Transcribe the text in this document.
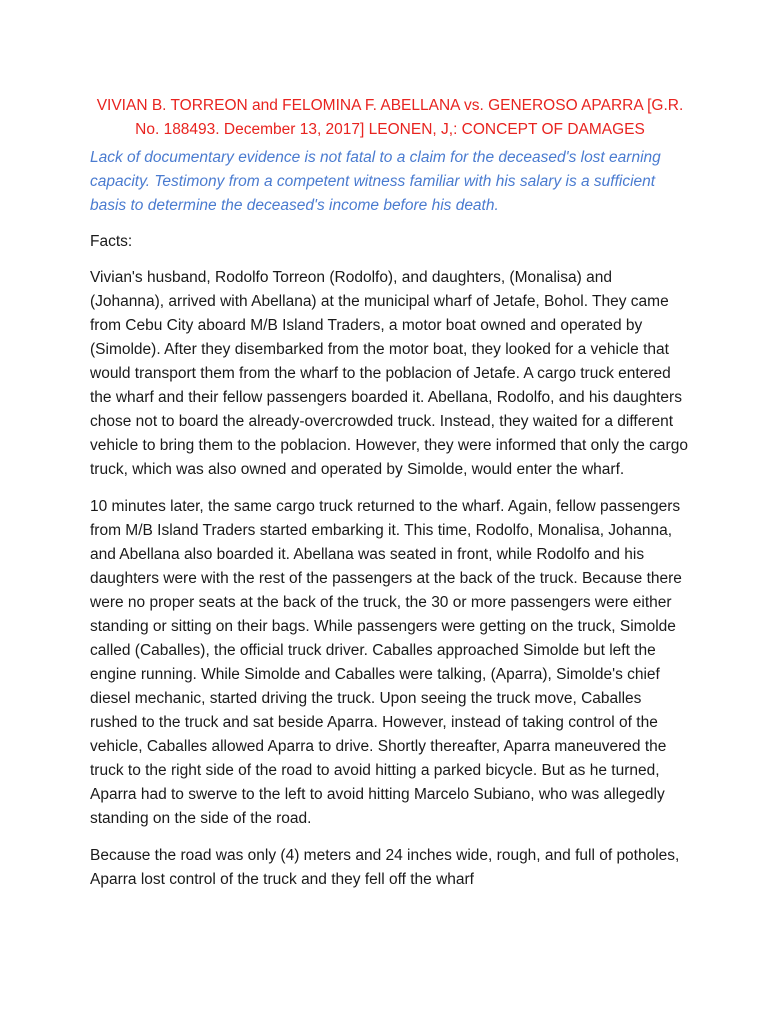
VIVIAN B. TORREON and FELOMINA F. ABELLANA vs. GENEROSO APARRA [G.R. No. 188493. December 13, 2017] LEONEN, J,: CONCEPT OF DAMAGES

Lack of documentary evidence is not fatal to a claim for the deceased's lost earning capacity. Testimony from a competent witness familiar with his salary is a sufficient basis to determine the deceased's income before his death.

Facts:

Vivian's husband, Rodolfo Torreon (Rodolfo), and daughters, (Monalisa) and (Johanna), arrived with Abellana) at the municipal wharf of Jetafe, Bohol. They came from Cebu City aboard M/B Island Traders, a motor boat owned and operated by (Simolde). After they disembarked from the motor boat, they looked for a vehicle that would transport them from the wharf to the poblacion of Jetafe. A cargo truck entered the wharf and their fellow passengers boarded it. Abellana, Rodolfo, and his daughters chose not to board the already-overcrowded truck. Instead, they waited for a different vehicle to bring them to the poblacion. However, they were informed that only the cargo truck, which was also owned and operated by Simolde, would enter the wharf.

10 minutes later, the same cargo truck returned to the wharf. Again, fellow passengers from M/B Island Traders started embarking it. This time, Rodolfo, Monalisa, Johanna, and Abellana also boarded it. Abellana was seated in front, while Rodolfo and his daughters were with the rest of the passengers at the back of the truck. Because there were no proper seats at the back of the truck, the 30 or more passengers were either standing or sitting on their bags. While passengers were getting on the truck, Simolde called (Caballes), the official truck driver. Caballes approached Simolde but left the engine running. While Simolde and Caballes were talking, (Aparra), Simolde's chief diesel mechanic, started driving the truck. Upon seeing the truck move, Caballes rushed to the truck and sat beside Aparra. However, instead of taking control of the vehicle, Caballes allowed Aparra to drive. Shortly thereafter, Aparra maneuvered the truck to the right side of the road to avoid hitting a parked bicycle. But as he turned, Aparra had to swerve to the left to avoid hitting Marcelo Subiano, who was allegedly standing on the side of the road.

Because the road was only (4) meters and 24 inches wide, rough, and full of potholes, Aparra lost control of the truck and they fell off the wharf
